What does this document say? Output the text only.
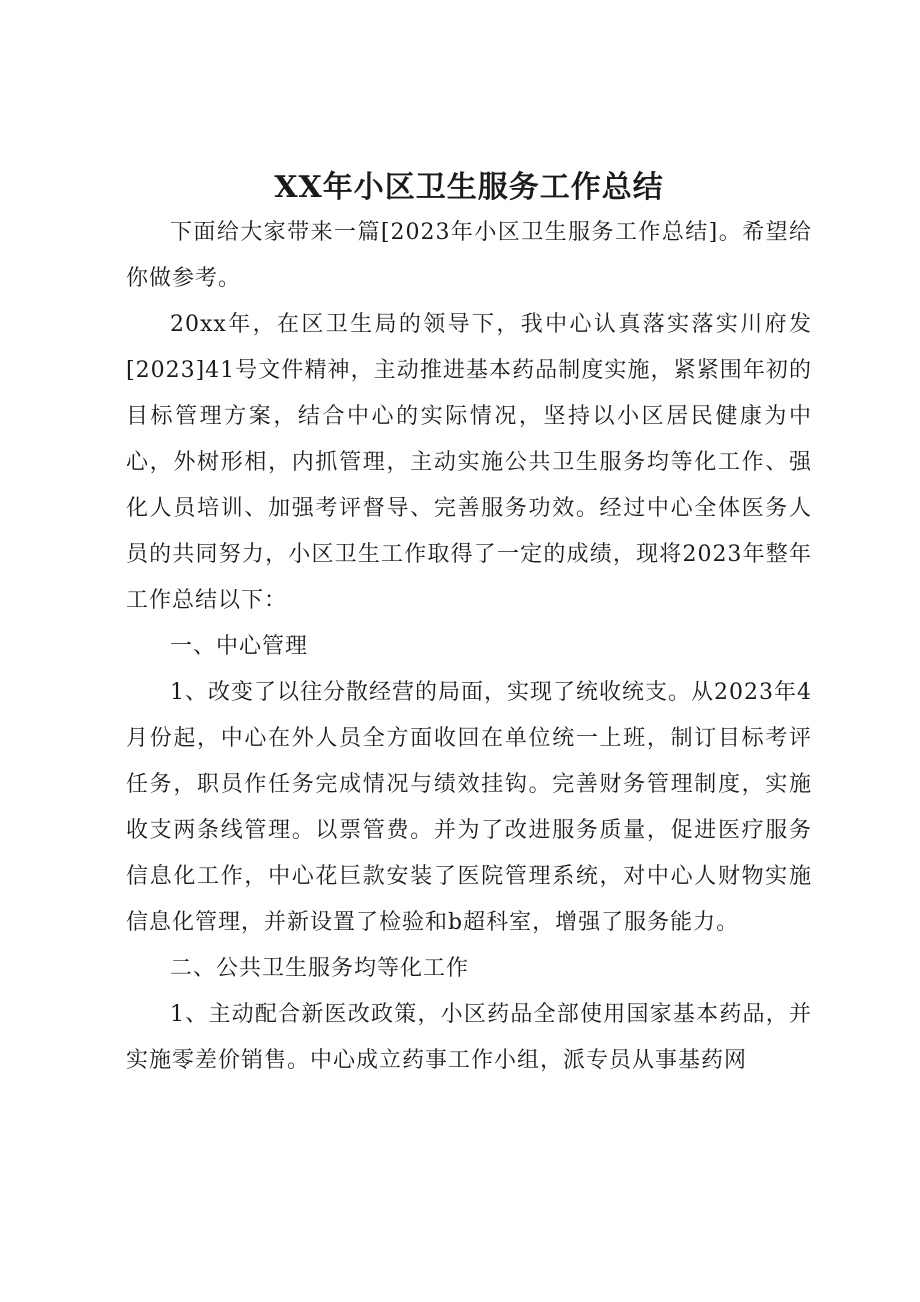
XX年小区卫生服务工作总结

下面给大家带来一篇[2023年小区卫生服务工作总结]。希望给你做参考。

20xx年，在区卫生局的领导下，我中心认真落实落实川府发[2023]41号文件精神，主动推进基本药品制度实施，紧紧围年初的目标管理方案，结合中心的实际情况，坚持以小区居民健康为中心，外树形相，内抓管理，主动实施公共卫生服务均等化工作、强化人员培训、加强考评督导、完善服务功效。经过中心全体医务人员的共同努力，小区卫生工作取得了一定的成绩，现将2023年整年工作总结以下：

一、中心管理

1、改变了以往分散经营的局面，实现了统收统支。从2023年4月份起，中心在外人员全方面收回在单位统一上班，制订目标考评任务，职员作任务完成情况与绩效挂钩。完善财务管理制度，实施收支两条线管理。以票管费。并为了改进服务质量，促进医疗服务信息化工作，中心花巨款安装了医院管理系统，对中心人财物实施信息化管理，并新设置了检验和b超科室，增强了服务能力。

二、公共卫生服务均等化工作

1、主动配合新医改政策，小区药品全部使用国家基本药品，并实施零差价销售。中心成立药事工作小组，派专员从事基药网
